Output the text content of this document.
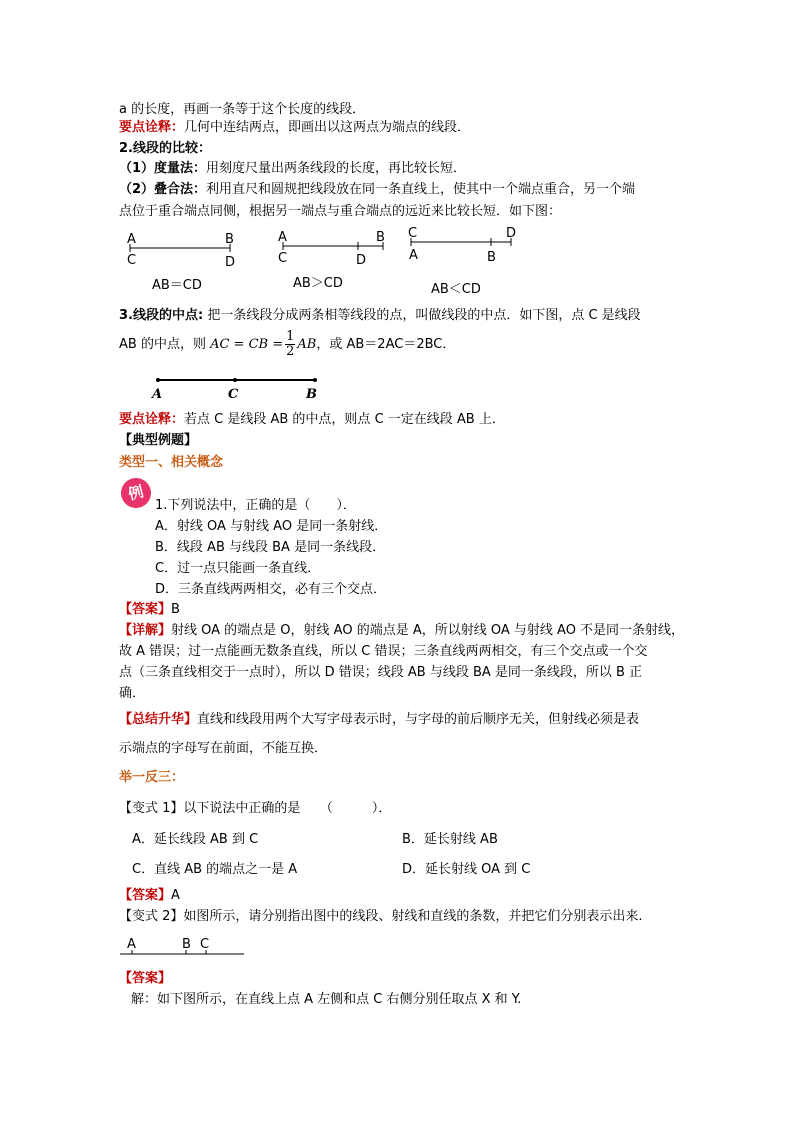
a 的长度，再画一条等于这个长度的线段．
要点诠释：几何中连结两点，即画出以这两点为端点的线段．
2.线段的比较：
（1）度量法：用刻度尺量出两条线段的长度，再比较长短．
（2）叠合法：利用直尺和圆规把线段放在同一条直线上，使其中一个端点重合，另一个端
点位于重合端点同侧，根据另一端点与重合端点的远近来比较长短．如下图：
A	B
C	D
AB＝CD
A	B
C	D
AB＞CD
C	D
A	B
AB＜CD
3.线段的中点: 把一条线段分成两条相等线段的点，叫做线段的中点．如下图，点 C 是线段
AB 的中点，则 AC = CB = $\frac{1}{2}$ AB，或 AB＝2AC＝2BC．
A	C	B
要点诠释：若点 C 是线段 AB 的中点，则点 C 一定在线段 AB 上．
【典型例题】
类型一、相关概念
例
1.下列说法中，正确的是（　　）．
A．射线 OA 与射线 AO 是同一条射线．
B．线段 AB 与线段 BA 是同一条线段．
C．过一点只能画一条直线．
D．三条直线两两相交，必有三个交点．
【答案】B
【详解】射线 OA 的端点是 O，射线 AO 的端点是 A，所以射线 OA 与射线 AO 不是同一条射线，
故 A 错误；过一点能画无数条直线，所以 C 错误；三条直线两两相交，有三个交点或一个交
点（三条直线相交于一点时），所以 D 错误；线段 AB 与线段 BA 是同一条线段，所以 B 正
确．
【总结升华】直线和线段用两个大写字母表示时，与字母的前后顺序无关，但射线必须是表
示端点的字母写在前面，不能互换．
举一反三：
【变式 1】以下说法中正确的是　　（　　　）．
A．延长线段 AB 到 C	B．延长射线 AB
C．直线 AB 的端点之一是 A	D．延长射线 OA 到 C
【答案】A
【变式 2】如图所示，请分别指出图中的线段、射线和直线的条数，并把它们分别表示出来.
A	B C
【答案】
解：如下图所示，在直线上点 A 左侧和点 C 右侧分别任取点 X 和 Y.
